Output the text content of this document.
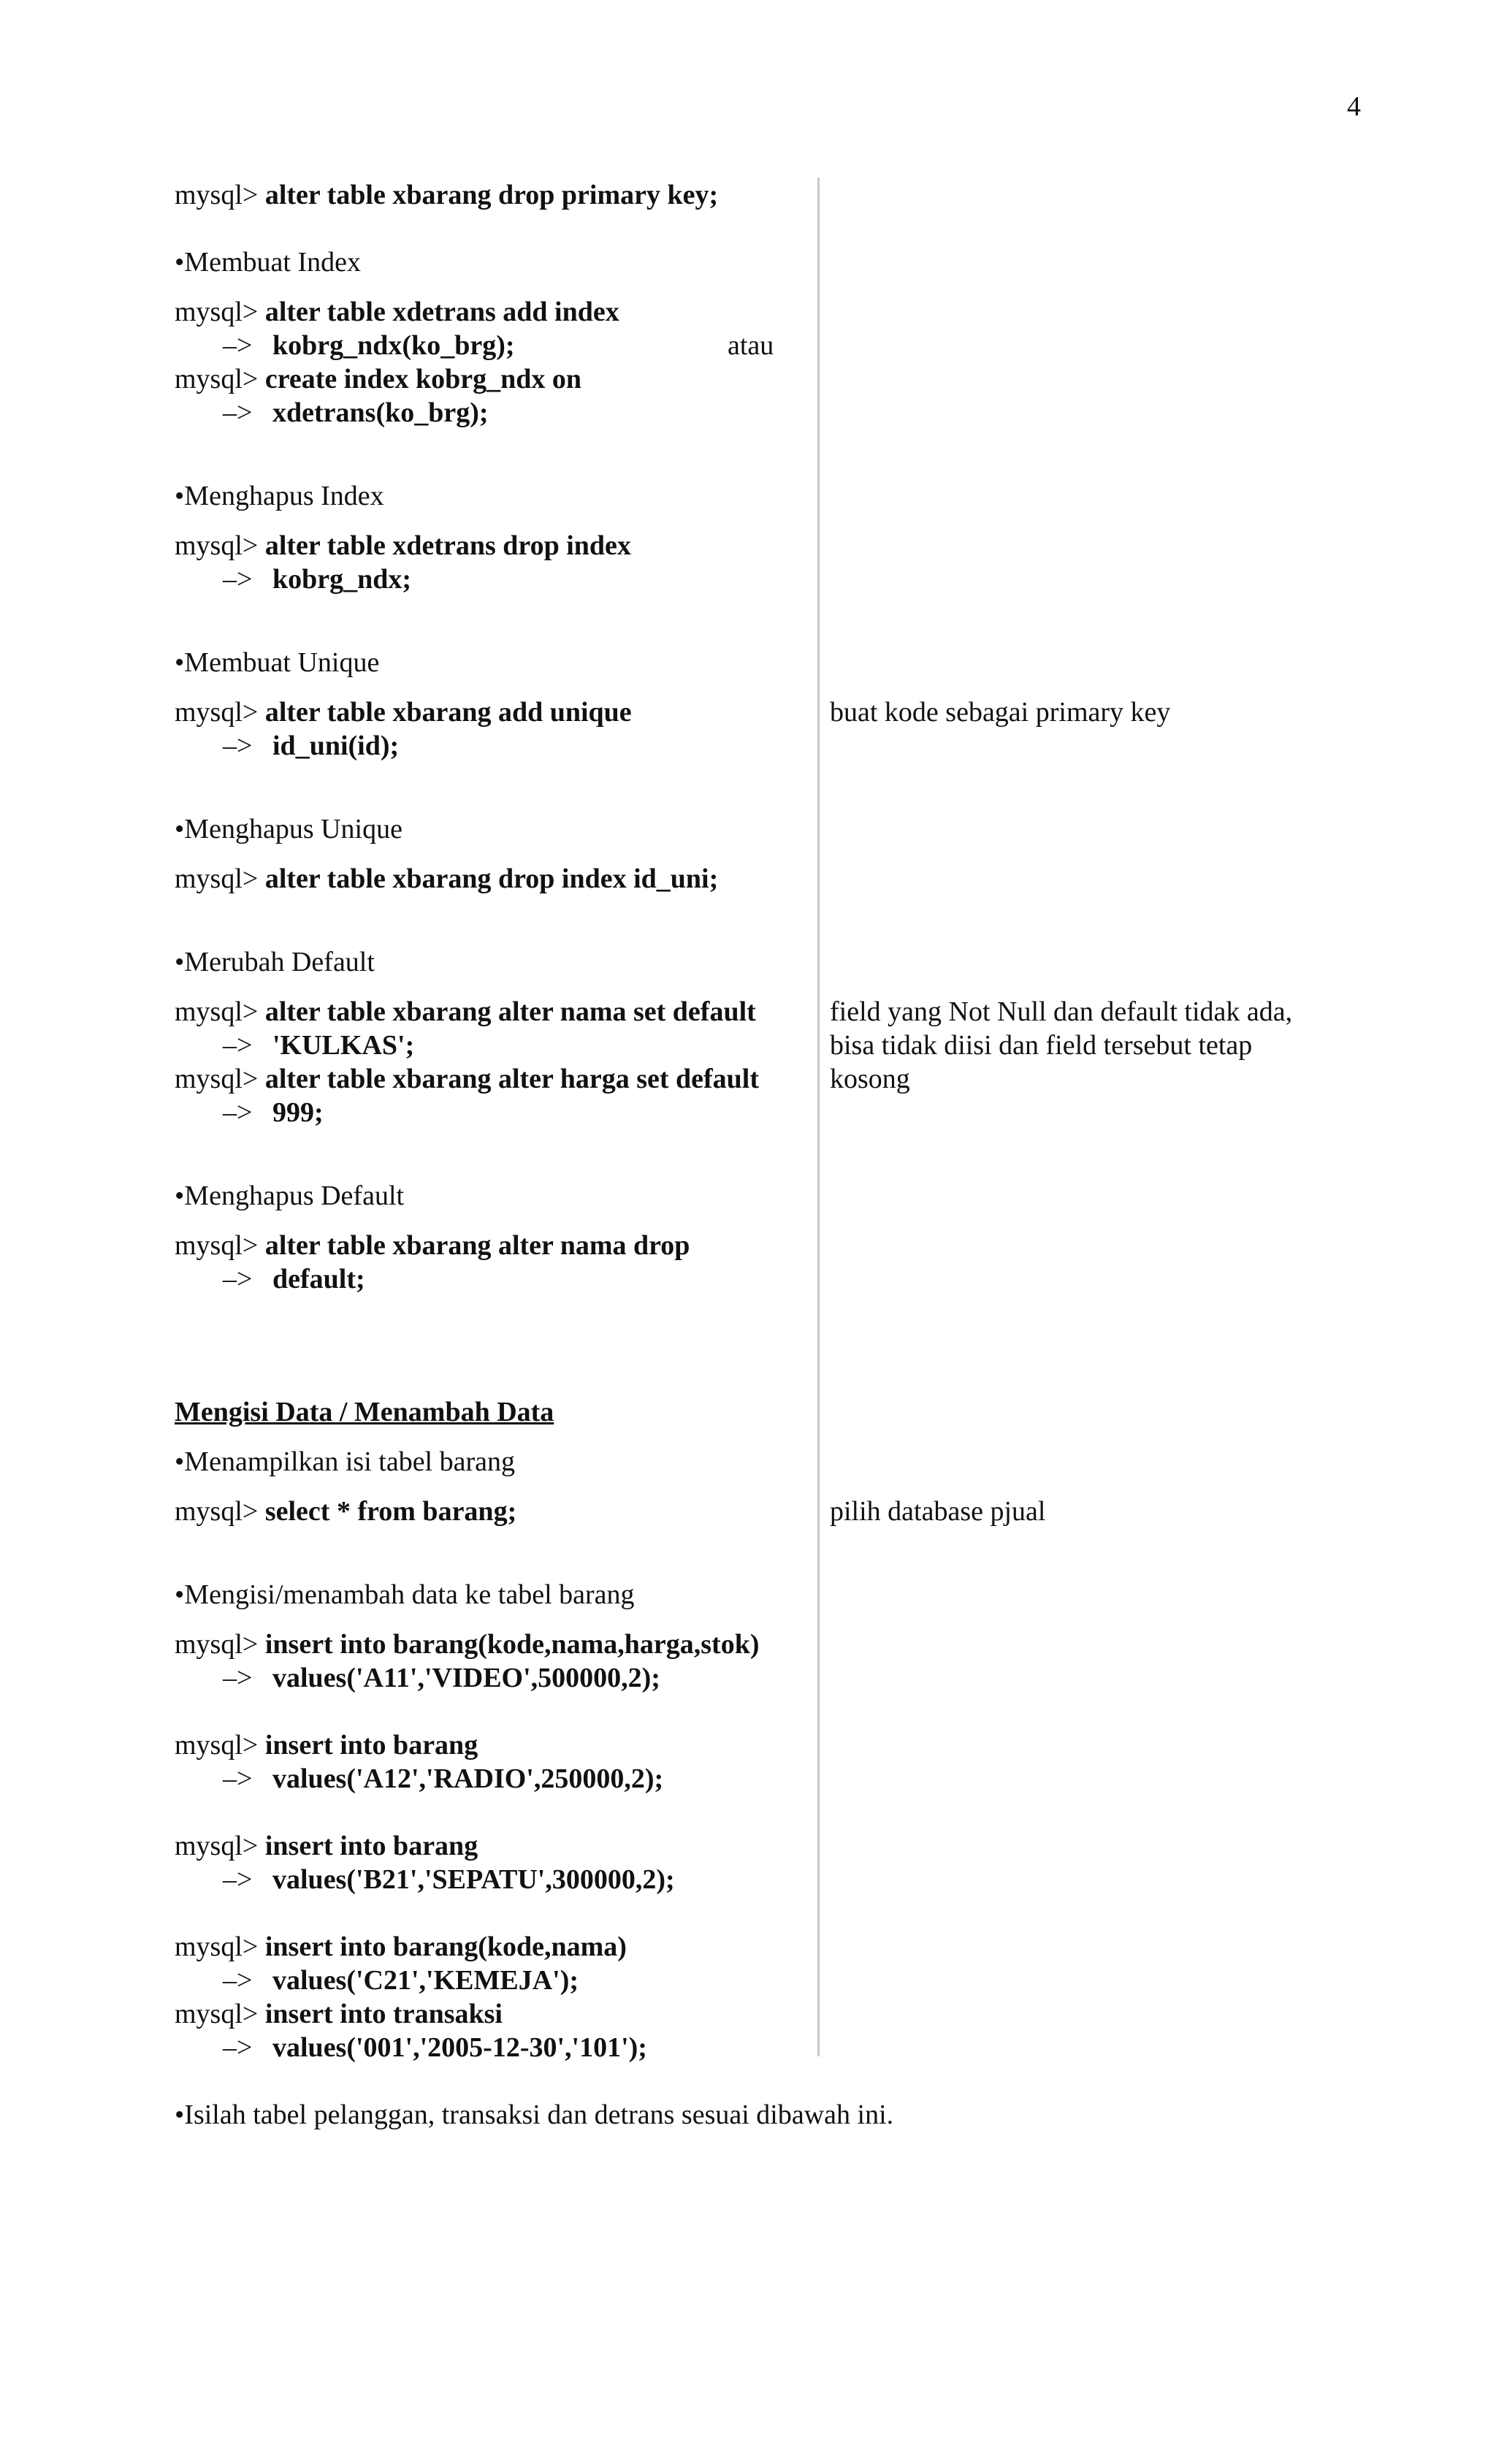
4
mysql> alter table xbarang drop primary key;
•Membuat Index
mysql> alter table xdetrans add index
–> kobrg_ndx(ko_brg);	atau
mysql> create index kobrg_ndx on
–> xdetrans(ko_brg);
•Menghapus Index
mysql> alter table xdetrans drop index
–> kobrg_ndx;
•Membuat Unique
mysql> alter table xbarang add unique	buat kode sebagai primary key
–> id_uni(id);
•Menghapus Unique
mysql> alter table xbarang drop index id_uni;
•Merubah Default
mysql> alter table xbarang alter nama set default
–> 'KULKAS';
mysql> alter table xbarang alter harga set default
–> 999;
field yang Not Null dan default tidak ada,
bisa tidak diisi dan field tersebut tetap
kosong
•Menghapus Default
mysql> alter table xbarang alter nama drop
–> default;
Mengisi Data / Menambah Data
•Menampilkan isi tabel barang
mysql> select * from barang;	pilih database pjual
•Mengisi/menambah data ke tabel barang
mysql> insert into barang(kode,nama,harga,stok)
–> values('A11','VIDEO',500000,2);
mysql> insert into barang
–> values('A12','RADIO',250000,2);
mysql> insert into barang
–> values('B21','SEPATU',300000,2);
mysql> insert into barang(kode,nama)
–> values('C21','KEMEJA');
mysql> insert into transaksi
–> values('001','2005-12-30','101');
•Isilah tabel pelanggan, transaksi dan detrans sesuai dibawah ini.
